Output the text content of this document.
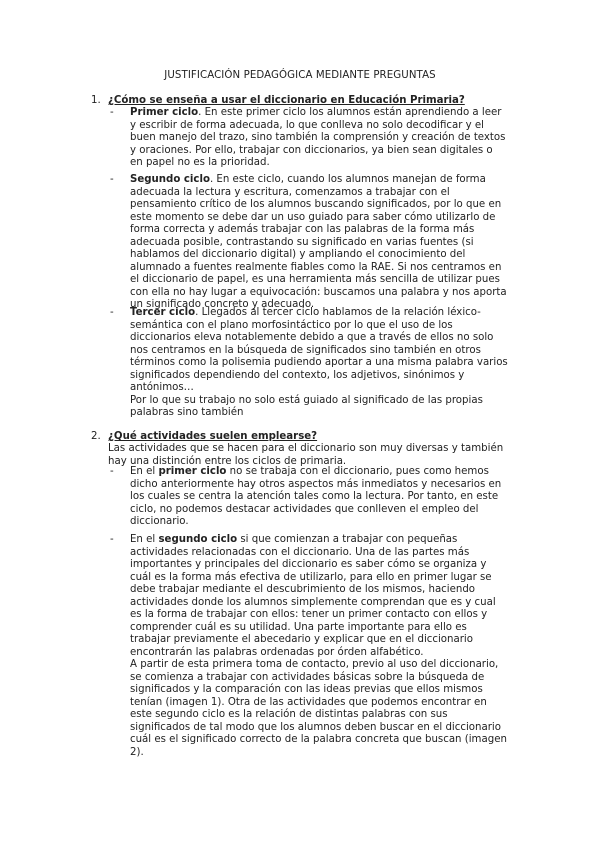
JUSTIFICACIÓN PEDAGÓGICA MEDIANTE PREGUNTAS
1. ¿Cómo se enseña a usar el diccionario en Educación Primaria?
- Primer ciclo. En este primer ciclo los alumnos están aprendiendo a leer y escribir de forma adecuada, lo que conlleva no solo decodificar y el buen manejo del trazo, sino también la comprensión y creación de textos y oraciones. Por ello, trabajar con diccionarios, ya bien sean digitales o en papel no es la prioridad.

- Segundo ciclo. En este ciclo, cuando los alumnos manejan de forma adecuada la lectura y escritura, comenzamos a trabajar con el pensamiento crítico de los alumnos buscando significados, por lo que en este momento se debe dar un uso guiado para saber cómo utilizarlo de forma correcta y además trabajar con las palabras de la forma más adecuada posible, contrastando su significado en varias fuentes (si hablamos del diccionario digital) y ampliando el conocimiento del alumnado a fuentes realmente fiables como la RAE. Si nos centramos en el diccionario de papel, es una herramienta más sencilla de utilizar pues con ella no hay lugar a equivocación: buscamos una palabra y nos aporta un significado concreto y adecuado.

- Tercer ciclo. Llegados al tercer ciclo hablamos de la relación léxico-semántica con el plano morfosintáctico por lo que el uso de los diccionarios eleva notablemente debido a que a través de ellos no solo nos centramos en la búsqueda de significados sino también en otros términos como la polisemia pudiendo aportar a una misma palabra varios significados dependiendo del contexto, los adjetivos, sinónimos y antónimos…

Por lo que su trabajo no solo está guiado al significado de las propias palabras sino también

2. ¿Qué actividades suelen emplearse?
Las actividades que se hacen para el diccionario son muy diversas y también hay una distinción entre los ciclos de primaria.
- En el primer ciclo no se trabaja con el diccionario, pues como hemos dicho anteriormente hay otros aspectos más inmediatos y necesarios en los cuales se centra la atención tales como la lectura. Por tanto, en este ciclo, no podemos destacar actividades que conlleven el empleo del diccionario.

- En el segundo ciclo si que comienzan a trabajar con pequeñas actividades relacionadas con el diccionario. Una de las partes más importantes y principales del diccionario es saber cómo se organiza y cuál es la forma más efectiva de utilizarlo, para ello en primer lugar se debe trabajar mediante el descubrimiento de los mismos, haciendo actividades donde los alumnos simplemente comprendan que es y cual es la forma de trabajar con ellos: tener un primer contacto con ellos y comprender cuál es su utilidad. Una parte importante para ello es trabajar previamente el abecedario y explicar que en el diccionario encontrarán las palabras ordenadas por órden alfabético.

A partir de esta primera toma de contacto, previo al uso del diccionario, se comienza a trabajar con actividades básicas sobre la búsqueda de significados y la comparación con las ideas previas que ellos mismos tenían (imagen 1). Otra de las actividades que podemos encontrar en este segundo ciclo es la relación de distintas palabras con sus significados de tal modo que los alumnos deben buscar en el diccionario cuál es el significado correcto de la palabra concreta que buscan (imagen 2).
